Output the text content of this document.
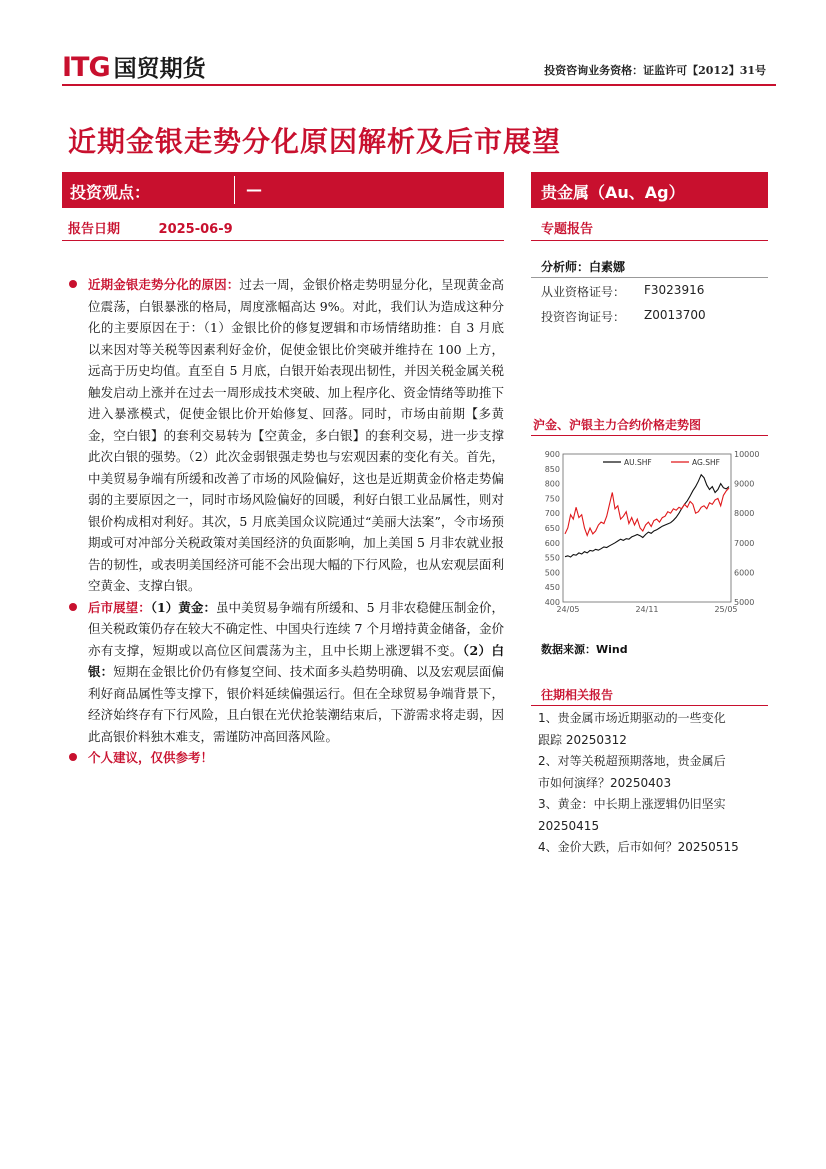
ITG 国贸期货	投资咨询业务资格：证监许可【2012】31号
近期金银走势分化原因解析及后市展望
投资观点：	—	贵金属（Au、Ag）
报告日期	2025-06-9	专题报告
分析师：白素娜
从业资格证号： F3023916
投资咨询证号： Z0013700
沪金、沪银主力合约价格走势图
400
450
500
550
600
650
700
750
800
850
900
5000
6000
7000
8000
9000
10000
24/05	24/11	25/05
AU.SHF	AG.SHF
数据来源：Wind
往期相关报告
1、贵金属市场近期驱动的一些变化
跟踪 20250312
2、对等关税超预期落地，贵金属后
市如何演绎？20250403
3、黄金：中长期上涨逻辑仍旧坚实
20250415
4、金价大跌，后市如何？20250515
近期金银走势分化的原因：过去一周，金银价格走势明显分化，呈现黄金高位震荡，白银暴涨的格局，周度涨幅高达 9%。对此，我们认为造成这种分化的主要原因在于：（1）金银比价的修复逻辑和市场情绪助推：自 3 月底以来因对等关税等因素利好金价，促使金银比价突破并维持在 100 上方，远高于历史均值。直至自 5 月底，白银开始表现出韧性，并因关税金属关税触发启动上涨并在过去一周形成技术突破、加上程序化、资金情绪等助推下进入暴涨模式，促使金银比价开始修复、回落。同时，市场由前期【多黄金，空白银】的套利交易转为【空黄金，多白银】的套利交易，进一步支撑此次白银的强势。（2）此次金弱银强走势也与宏观因素的变化有关。首先，中美贸易争端有所缓和改善了市场的风险偏好，这也是近期黄金价格走势偏弱的主要原因之一，同时市场风险偏好的回暖，利好白银工业品属性，则对银价构成相对利好。其次，5 月底美国众议院通过“美丽大法案”，令市场预期或可对冲部分关税政策对美国经济的负面影响，加上美国 5 月非农就业报告的韧性，或表明美国经济可能不会出现大幅的下行风险，也从宏观层面利空黄金、支撑白银。
后市展望：（1）黄金：虽中美贸易争端有所缓和、5 月非农稳健压制金价，但关税政策仍存在较大不确定性、中国央行连续 7 个月增持黄金储备，金价亦有支撑，短期或以高位区间震荡为主，且中长期上涨逻辑不变。（2）白银：短期在金银比价仍有修复空间、技术面多头趋势明确、以及宏观层面偏利好商品属性等支撑下，银价料延续偏强运行。但在全球贸易争端背景下，经济始终存有下行风险，且白银在光伏抢装潮结束后，下游需求将走弱，因此高银价料独木难支，需谨防冲高回落风险。
个人建议，仅供参考！
